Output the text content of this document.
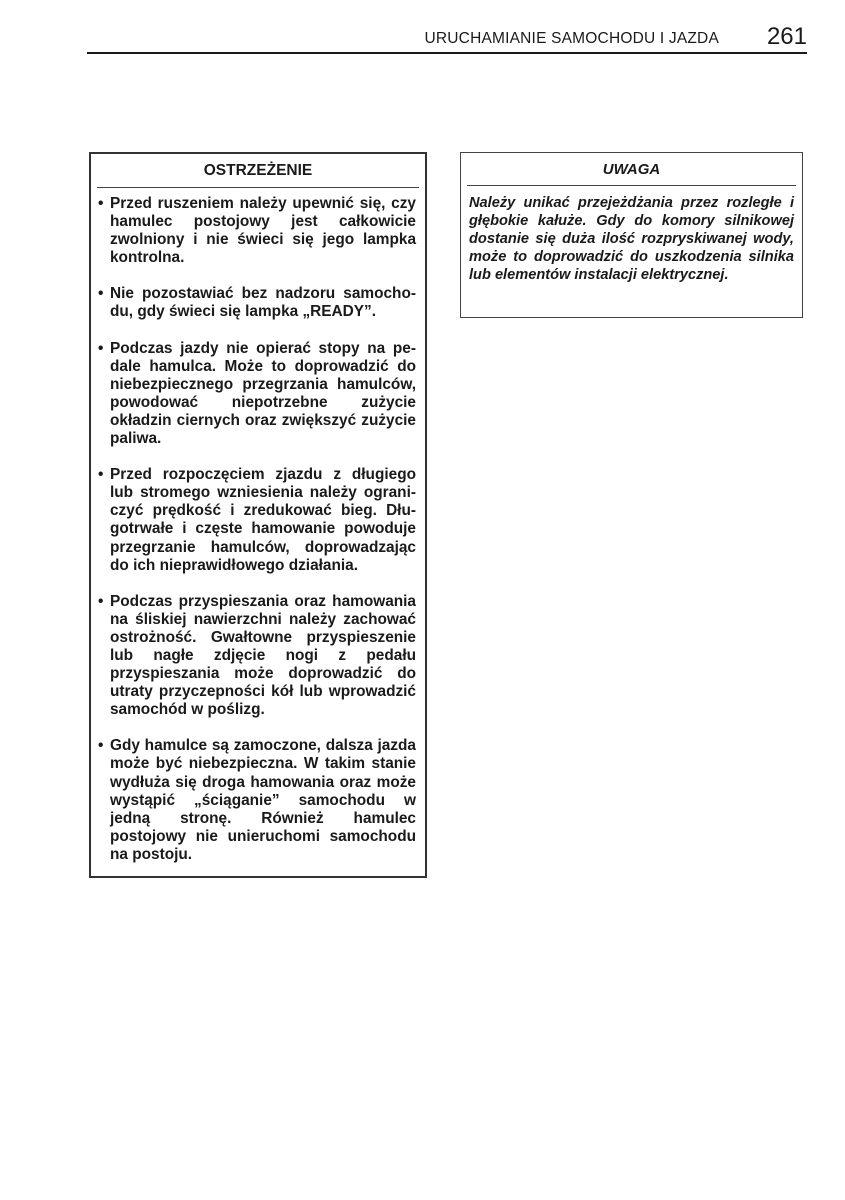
URUCHAMIANIE SAMOCHODU I JAZDA 261
OSTRZEŻENIE
• Przed ruszeniem należy upewnić się, czy hamulec postojowy jest całkowicie zwolniony i nie świeci się jego lampka kontrolna.
• Nie pozostawiać bez nadzoru samochodu, gdy świeci się lampka „READY”.
• Podczas jazdy nie opierać stopy na pedale hamulca. Może to doprowadzić do niebezpiecznego przegrzania hamulców, powodować niepotrzebne zużycie okładzin ciernych oraz zwiększyć zużycie paliwa.
• Przed rozpoczęciem zjazdu z długiego lub stromego wzniesienia należy ograniczyć prędkość i zredukować bieg. Długotrwałe i częste hamowanie powoduje przegrzanie hamulców, doprowadzając do ich nieprawidłowego działania.
• Podczas przyspieszania oraz hamowania na śliskiej nawierzchni należy zachować ostrożność. Gwałtowne przyspieszenie lub nagłe zdjęcie nogi z pedału przyspieszania może doprowadzić do utraty przyczepności kół lub wprowadzić samochód w poślizg.
• Gdy hamulce są zamoczone, dalsza jazda może być niebezpieczna. W takim stanie wydłuża się droga hamowania oraz może wystąpić „ściąganie” samochodu w jedną stronę. Również hamulec postojowy nie unieruchomi samochodu na postoju.
UWAGA
Należy unikać przejeżdżania przez rozległe i głębokie kałuże. Gdy do komory silnikowej dostanie się duża ilość rozpryskiwanej wody, może to doprowadzić do uszkodzenia silnika lub elementów instalacji elektrycznej.
